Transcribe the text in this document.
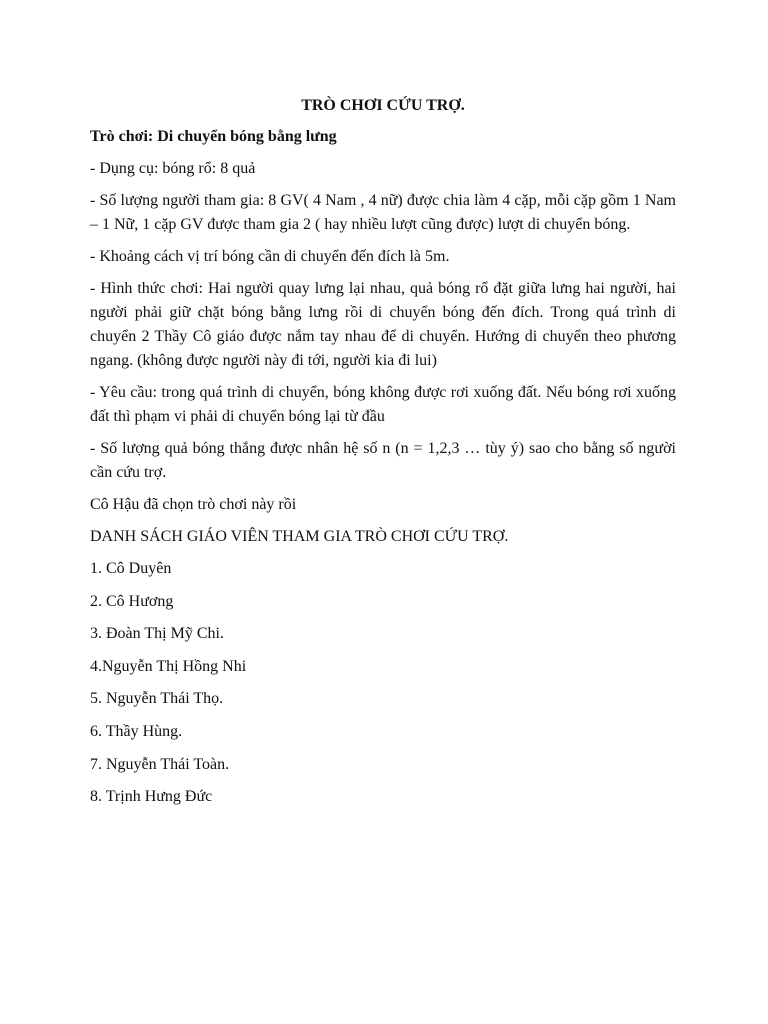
TRÒ CHƠI CỨU TRỢ.

Trò chơi: Di chuyển bóng bằng lưng

- Dụng cụ: bóng rổ: 8 quả

- Số lượng người tham gia: 8 GV( 4 Nam , 4 nữ) được chia làm 4 cặp, mỗi cặp gồm 1 Nam – 1 Nữ, 1 cặp GV được tham gia 2 ( hay nhiều lượt cũng được) lượt di chuyển bóng.

- Khoảng cách vị trí bóng cần di chuyển đến đích là 5m.

- Hình thức chơi: Hai người quay lưng lại nhau, quả bóng rổ đặt giữa lưng hai người, hai người phải giữ chặt bóng bằng lưng rồi di chuyển bóng đến đích. Trong quá trình di chuyển 2 Thầy Cô giáo được nắm tay nhau để di chuyển. Hướng di chuyển theo phương ngang. (không được người này đi tới, người kia đi lui)

- Yêu cầu: trong quá trình di chuyển, bóng không được rơi xuống đất. Nếu bóng rơi xuống đất thì phạm vi phải di chuyển bóng lại từ đầu

- Số lượng quả bóng thắng được nhân hệ số n (n = 1,2,3 … tùy ý) sao cho bằng số người cần cứu trợ.

Cô Hậu đã chọn trò chơi này rồi

DANH SÁCH GIÁO VIÊN THAM GIA TRÒ CHƠI CỨU TRỢ.

1. Cô Duyên
2. Cô Hương
3. Đoàn Thị Mỹ Chi.
4.Nguyễn Thị Hồng Nhi
5. Nguyễn Thái Thọ.
6. Thầy Hùng.
7. Nguyễn Thái Toàn.
8. Trịnh Hưng Đức
